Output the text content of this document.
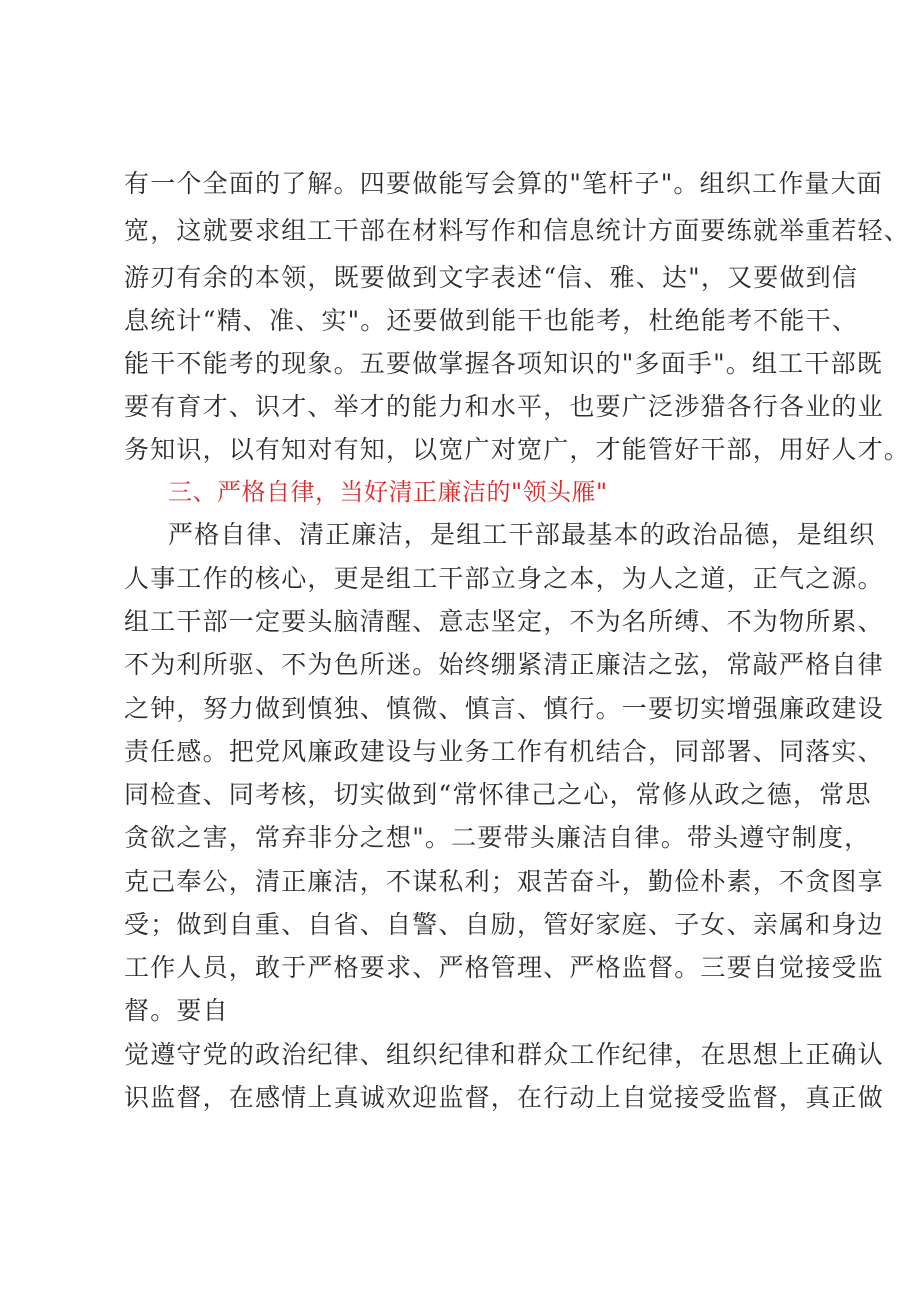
有一个全面的了解。四要做能写会算的"笔杆子"。组织工作量大面
宽，这就要求组工干部在材料写作和信息统计方面要练就举重若轻、
游刃有余的本领，既要做到文字表述“信、雅、达"，又要做到信
息统计“精、准、实"。还要做到能干也能考，杜绝能考不能干、
能干不能考的现象。五要做掌握各项知识的"多面手"。组工干部既
要有育才、识才、举才的能力和水平，也要广泛涉猎各行各业的业
务知识，以有知对有知，以宽广对宽广，才能管好干部，用好人才。
三、严格自律，当好清正廉洁的"领头雁"
严格自律、清正廉洁，是组工干部最基本的政治品德，是组织
人事工作的核心，更是组工干部立身之本，为人之道，正气之源。
组工干部一定要头脑清醒、意志坚定，不为名所缚、不为物所累、
不为利所驱、不为色所迷。始终绷紧清正廉洁之弦，常敲严格自律
之钟，努力做到慎独、慎微、慎言、慎行。一要切实增强廉政建设
责任感。把党风廉政建设与业务工作有机结合，同部署、同落实、
同检查、同考核，切实做到“常怀律己之心，常修从政之德，常思
贪欲之害，常弃非分之想"。二要带头廉洁自律。带头遵守制度，
克己奉公，清正廉洁，不谋私利；艰苦奋斗，勤俭朴素，不贪图享
受；做到自重、自省、自警、自励，管好家庭、子女、亲属和身边
工作人员，敢于严格要求、严格管理、严格监督。三要自觉接受监
督。要自
觉遵守党的政治纪律、组织纪律和群众工作纪律，在思想上正确认
识监督，在感情上真诚欢迎监督，在行动上自觉接受监督，真正做
